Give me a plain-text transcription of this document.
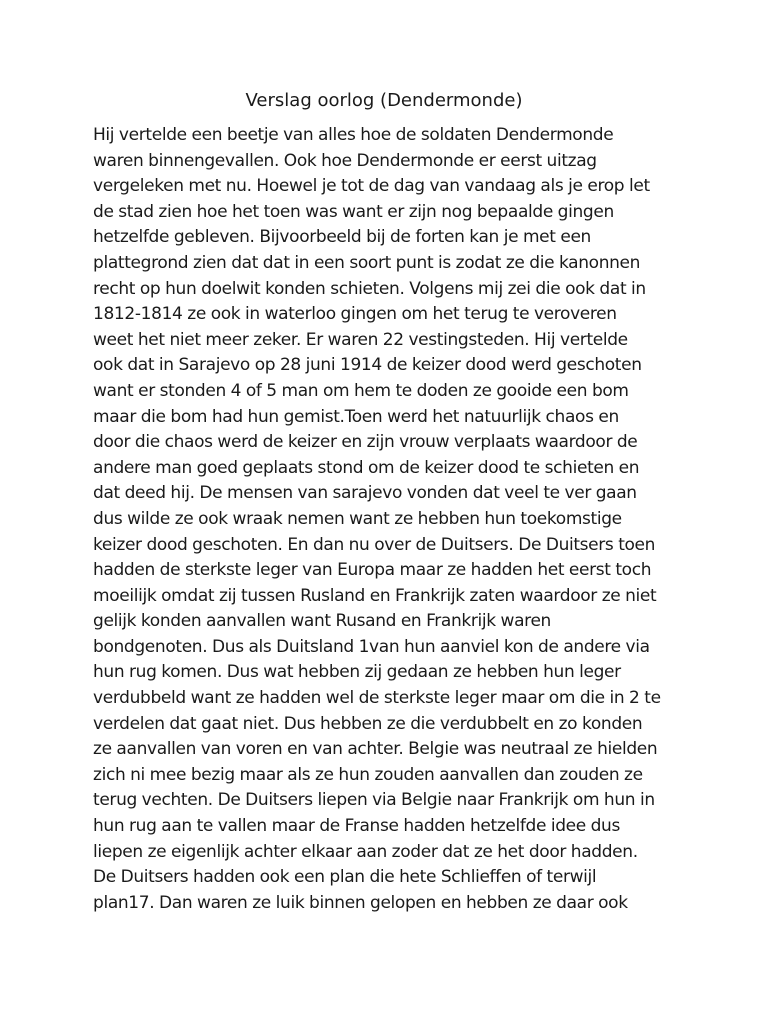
Verslag oorlog (Dendermonde)
Hij vertelde een beetje van alles hoe de soldaten Dendermonde
waren binnengevallen. Ook hoe Dendermonde er eerst uitzag
vergeleken met nu. Hoewel je tot de dag van vandaag als je erop let
de stad zien hoe het toen was want er zijn nog bepaalde gingen
hetzelfde gebleven. Bijvoorbeeld bij de forten kan je met een
plattegrond zien dat dat in een soort punt is zodat ze die kanonnen
recht op hun doelwit konden schieten. Volgens mij zei die ook dat in
1812-1814 ze ook in waterloo gingen om het terug te veroveren
weet het niet meer zeker. Er waren 22 vestingsteden. Hij vertelde
ook dat in Sarajevo op 28 juni 1914 de keizer dood werd geschoten
want er stonden 4 of 5 man om hem te doden ze gooide een bom
maar die bom had hun gemist.Toen werd het natuurlijk chaos en
door die chaos werd de keizer en zijn vrouw verplaats waardoor de
andere man goed geplaats stond om de keizer dood te schieten en
dat deed hij. De mensen van sarajevo vonden dat veel te ver gaan
dus wilde ze ook wraak nemen want ze hebben hun toekomstige
keizer dood geschoten. En dan nu over de Duitsers. De Duitsers toen
hadden de sterkste leger van Europa maar ze hadden het eerst toch
moeilijk omdat zij tussen Rusland en Frankrijk zaten waardoor ze niet
gelijk konden aanvallen want Rusand en Frankrijk waren
bondgenoten. Dus als Duitsland 1van hun aanviel kon de andere via
hun rug komen. Dus wat hebben zij gedaan ze hebben hun leger
verdubbeld want ze hadden wel de sterkste leger maar om die in 2 te
verdelen dat gaat niet. Dus hebben ze die verdubbelt en zo konden
ze aanvallen van voren en van achter. Belgie was neutraal ze hielden
zich ni mee bezig maar als ze hun zouden aanvallen dan zouden ze
terug vechten. De Duitsers liepen via Belgie naar Frankrijk om hun in
hun rug aan te vallen maar de Franse hadden hetzelfde idee dus
liepen ze eigenlijk achter elkaar aan zoder dat ze het door hadden.
De Duitsers hadden ook een plan die hete Schlieffen of terwijl
plan17. Dan waren ze luik binnen gelopen en hebben ze daar ook
